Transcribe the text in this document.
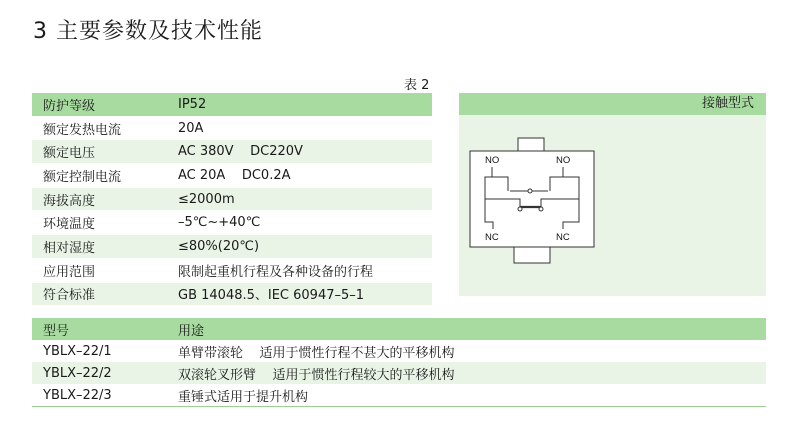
3 主要参数及技术性能
表 2
防护等级	IP52
额定发热电流	20A
额定电压	AC 380V    DC220V
额定控制电流	AC 20A    DC0.2A
海拔高度	≤2000m
环境温度	–5℃~+40℃
相对湿度	≤80%(20℃)
应用范围	限制起重机行程及各种设备的行程
符合标准	GB 14048.5、IEC 60947–5–1
接触型式
NO	NO
NC	NC
型号	用途
YBLX–22/1	单臂带滚轮    适用于惯性行程不甚大的平移机构
YBLX–22/2	双滚轮叉形臂    适用于惯性行程较大的平移机构
YBLX–22/3	重锤式适用于提升机构
